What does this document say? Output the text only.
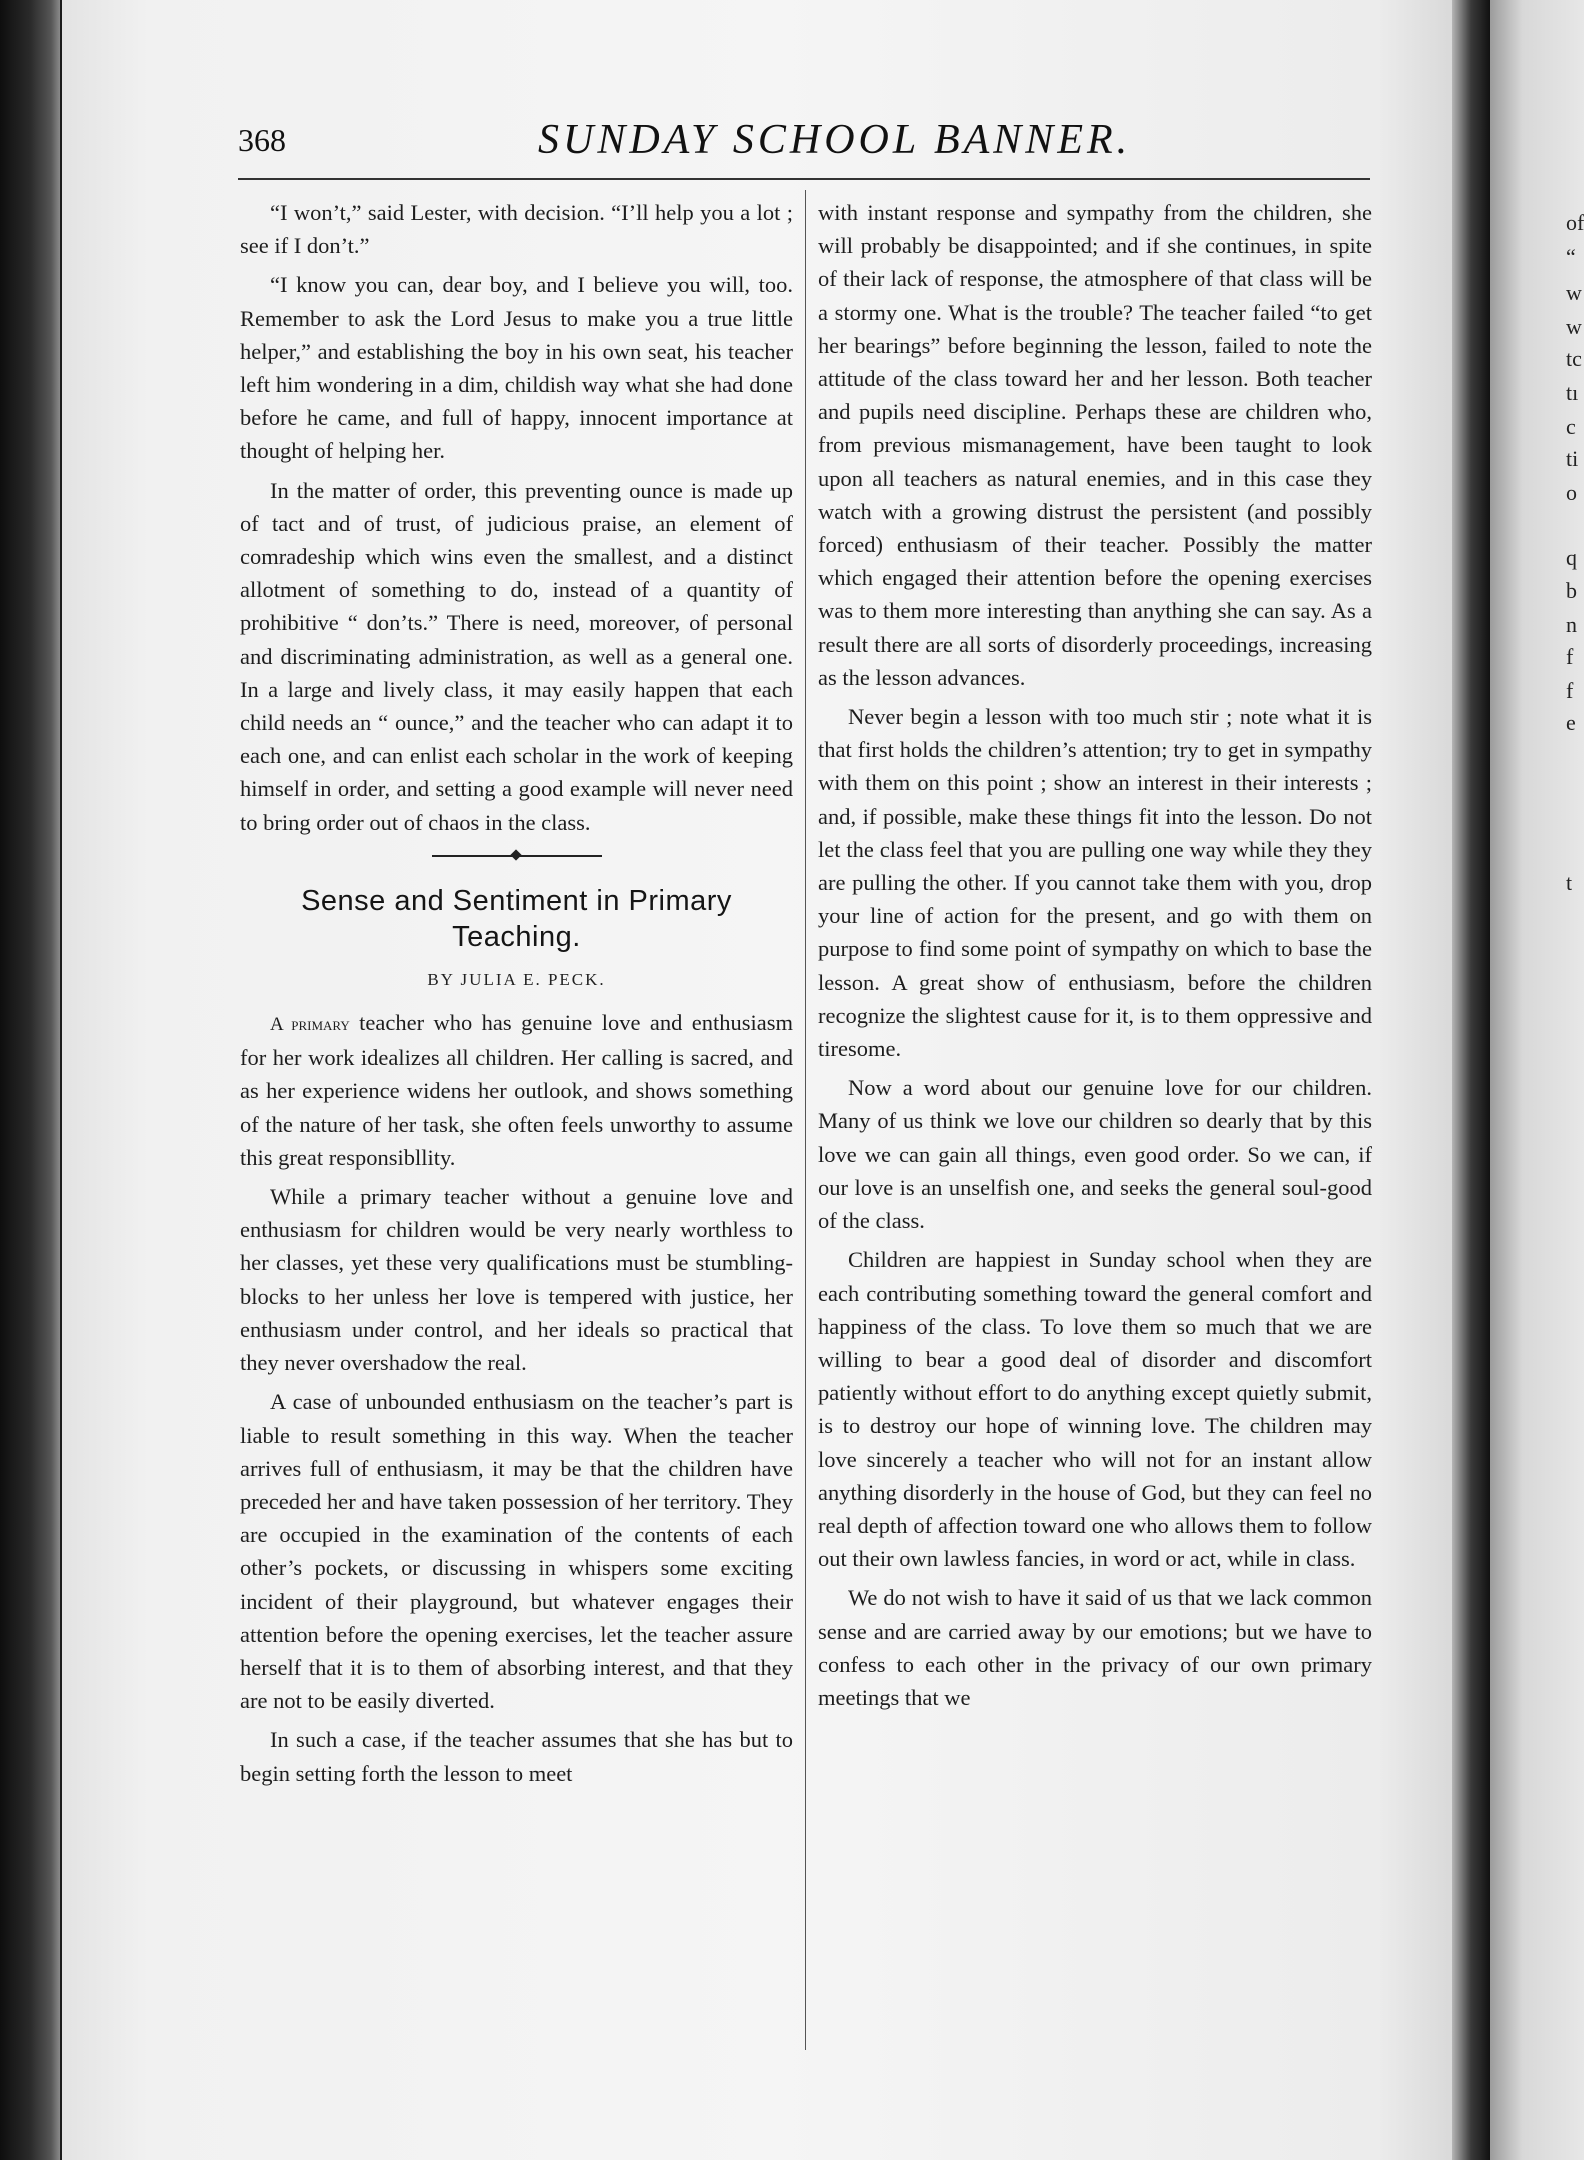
of
“
w
w
tc
tı
c
ti
o
q
b
n
f
f
e
t
368	SUNDAY SCHOOL BANNER.

“I won’t,” said Lester, with decision. “I’ll help you a lot ; see if I don’t.”

“I know you can, dear boy, and I believe you will, too. Remember to ask the Lord Jesus to make you a true little helper,” and establishing the boy in his own seat, his teacher left him wondering in a dim, childish way what she had done before he came, and full of happy, innocent importance at thought of helping her.

In the matter of order, this preventing ounce is made up of tact and of trust, of judicious praise, an element of comradeship which wins even the smallest, and a distinct allotment of something to do, instead of a quantity of prohibitive “ don’ts.” There is need, moreover, of personal and discriminating administration, as well as a general one. In a large and lively class, it may easily happen that each child needs an “ ounce,” and the teacher who can adapt it to each one, and can enlist each scholar in the work of keeping himself in order, and setting a good example will never need to bring order out of chaos in the class.

Sense and Sentiment in Primary Teaching.
BY JULIA E. PECK.

A primary teacher who has genuine love and enthusiasm for her work idealizes all children. Her calling is sacred, and as her experience widens her outlook, and shows something of the nature of her task, she often feels unworthy to assume this great responsibllity.

While a primary teacher without a genuine love and enthusiasm for children would be very nearly worthless to her classes, yet these very qualifications must be stumbling-blocks to her unless her love is tempered with justice, her enthusiasm under control, and her ideals so practical that they never overshadow the real.

A case of unbounded enthusiasm on the teacher’s part is liable to result something in this way. When the teacher arrives full of enthusiasm, it may be that the children have preceded her and have taken possession of her territory. They are occupied in the examination of the contents of each other’s pockets, or discussing in whispers some exciting incident of their playground, but whatever engages their attention before the opening exercises, let the teacher assure herself that it is to them of absorbing interest, and that they are not to be easily diverted.

In such a case, if the teacher assumes that she has but to begin setting forth the lesson to meet

with instant response and sympathy from the children, she will probably be disappointed; and if she continues, in spite of their lack of response, the atmosphere of that class will be a stormy one. What is the trouble? The teacher failed “to get her bearings” before beginning the lesson, failed to note the attitude of the class toward her and her lesson. Both teacher and pupils need discipline. Perhaps these are children who, from previous mismanagement, have been taught to look upon all teachers as natural enemies, and in this case they watch with a growing distrust the persistent (and possibly forced) enthusiasm of their teacher. Possibly the matter which engaged their attention before the opening exercises was to them more interesting than anything she can say. As a result there are all sorts of disorderly proceedings, increasing as the lesson advances.

Never begin a lesson with too much stir ; note what it is that first holds the children’s attention; try to get in sympathy with them on this point ; show an interest in their interests ; and, if possible, make these things fit into the lesson. Do not let the class feel that you are pulling one way while they they are pulling the other. If you cannot take them with you, drop your line of action for the present, and go with them on purpose to find some point of sympathy on which to base the lesson. A great show of enthusiasm, before the children recognize the slightest cause for it, is to them oppressive and tiresome.

Now a word about our genuine love for our children. Many of us think we love our children so dearly that by this love we can gain all things, even good order. So we can, if our love is an unselfish one, and seeks the general soul-good of the class.

Children are happiest in Sunday school when they are each contributing something toward the general comfort and happiness of the class. To love them so much that we are willing to bear a good deal of disorder and discomfort patiently without effort to do anything except quietly submit, is to destroy our hope of winning love. The children may love sincerely a teacher who will not for an instant allow anything disorderly in the house of God, but they can feel no real depth of affection toward one who allows them to follow out their own lawless fancies, in word or act, while in class.

We do not wish to have it said of us that we lack common sense and are carried away by our emotions; but we have to confess to each other in the privacy of our own primary meetings that we
